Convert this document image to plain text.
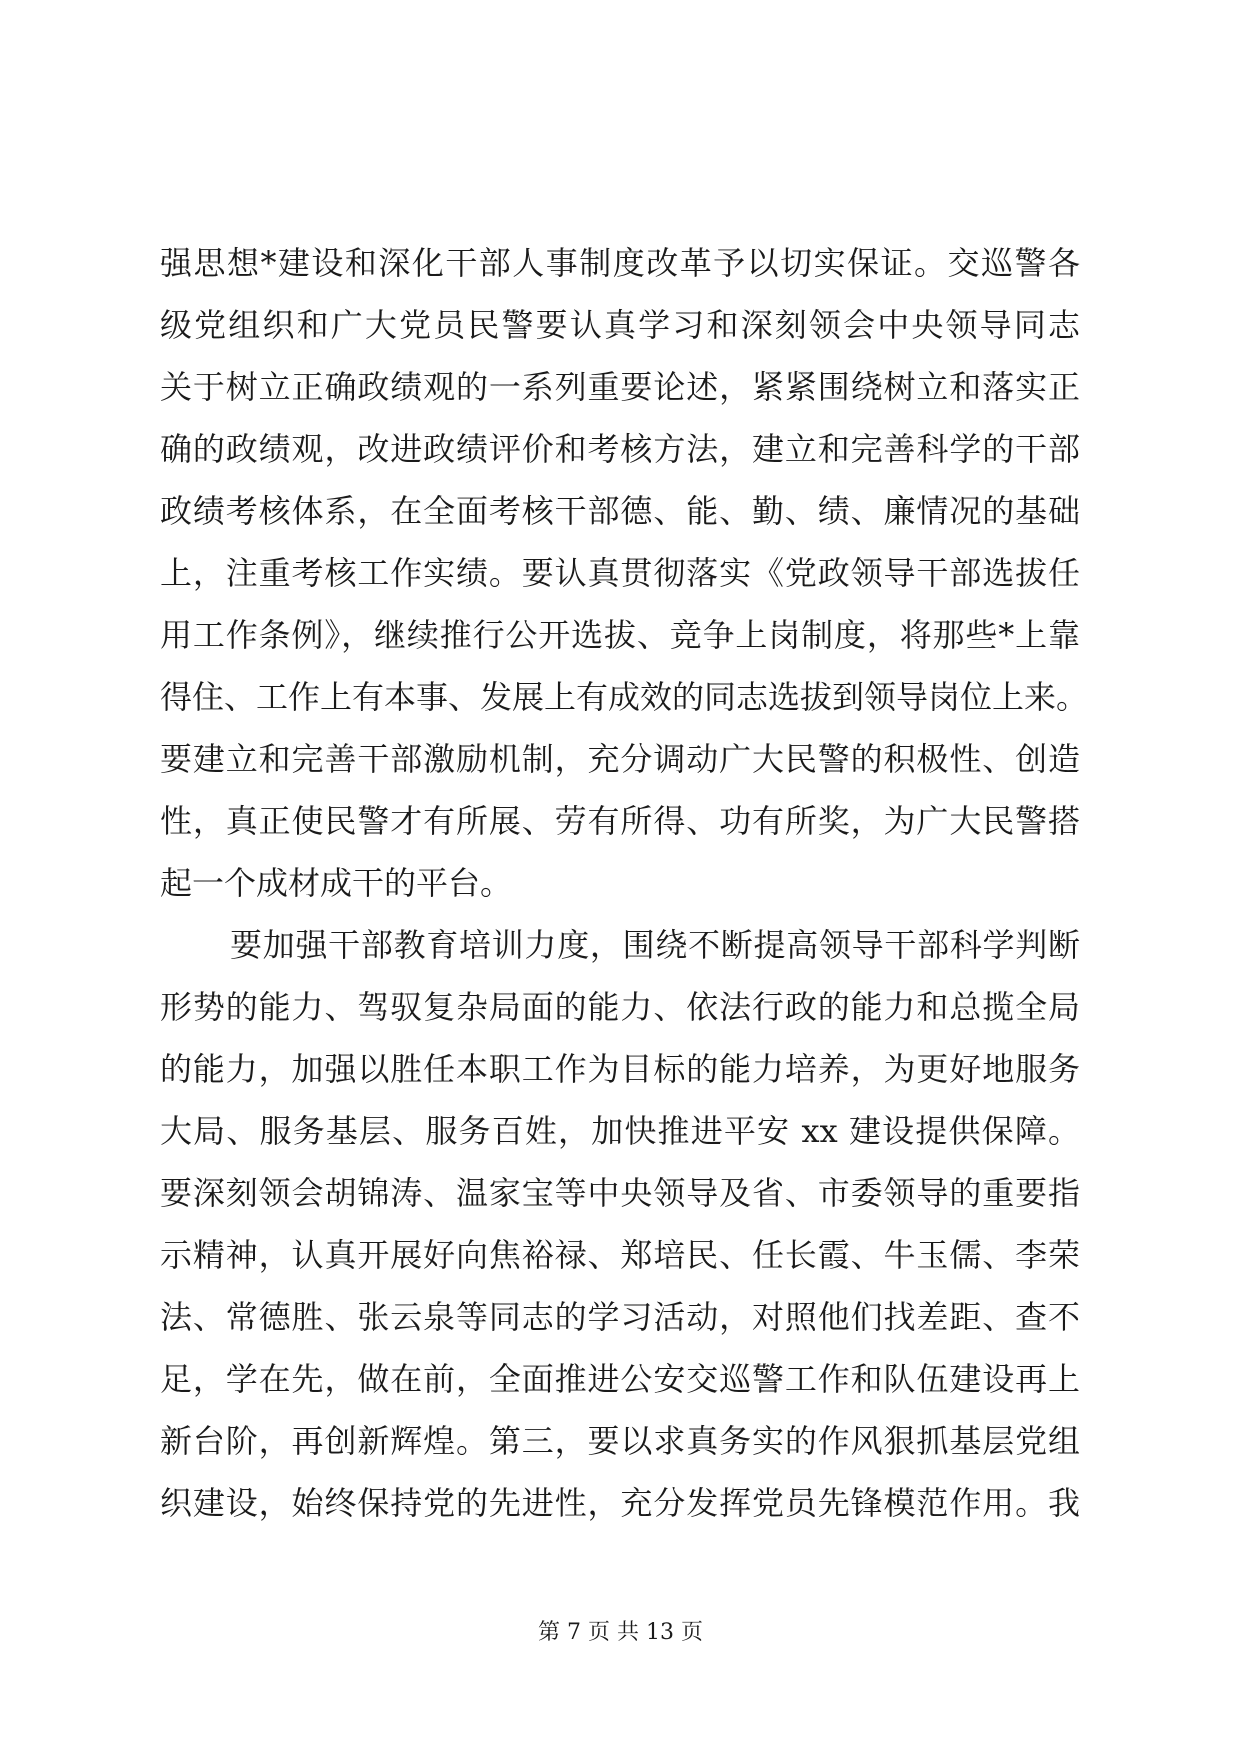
强思想*建设和深化干部人事制度改革予以切实保证。交巡警各
级党组织和广大党员民警要认真学习和深刻领会中央领导同志
关于树立正确政绩观的一系列重要论述，紧紧围绕树立和落实正
确的政绩观，改进政绩评价和考核方法，建立和完善科学的干部
政绩考核体系，在全面考核干部德、能、勤、绩、廉情况的基础
上，注重考核工作实绩。要认真贯彻落实《党政领导干部选拔任
用工作条例》，继续推行公开选拔、竞争上岗制度，将那些*上靠
得住、工作上有本事、发展上有成效的同志选拔到领导岗位上来。
要建立和完善干部激励机制，充分调动广大民警的积极性、创造
性，真正使民警才有所展、劳有所得、功有所奖，为广大民警搭
起一个成材成干的平台。
要加强干部教育培训力度，围绕不断提高领导干部科学判断
形势的能力、驾驭复杂局面的能力、依法行政的能力和总揽全局
的能力，加强以胜任本职工作为目标的能力培养，为更好地服务
大局、服务基层、服务百姓，加快推进平安 xx 建设提供保障。
要深刻领会胡锦涛、温家宝等中央领导及省、市委领导的重要指
示精神，认真开展好向焦裕禄、郑培民、任长霞、牛玉儒、李荣
法、常德胜、张云泉等同志的学习活动，对照他们找差距、查不
足，学在先，做在前，全面推进公安交巡警工作和队伍建设再上
新台阶，再创新辉煌。第三，要以求真务实的作风狠抓基层党组
织建设，始终保持党的先进性，充分发挥党员先锋模范作用。我
第 7 页 共 13 页
